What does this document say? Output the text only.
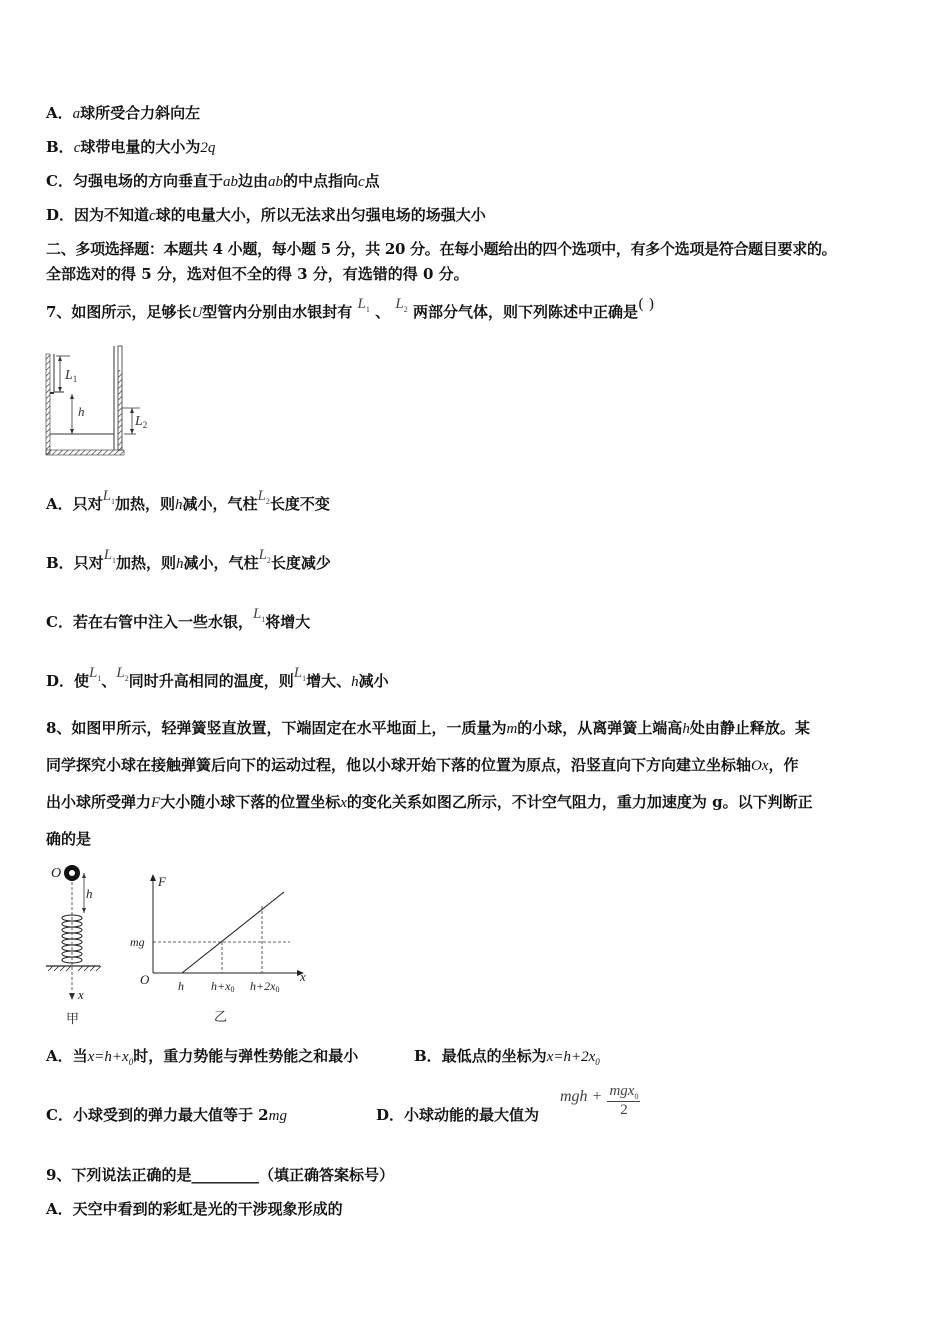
A．a球所受合力斜向左
B．c球带电量的大小为2q
C．匀强电场的方向垂直于ab边由ab的中点指向c点
D．因为不知道c球的电量大小，所以无法求出匀强电场的场强大小
二、多项选择题：本题共 4 小题，每小题 5 分，共 20 分。在每小题给出的四个选项中，有多个选项是符合题目要求的。
全部选对的得 5 分，选对但不全的得 3 分，有选错的得 0 分。
7、如图所示，足够长U型管内分别由水银封有 $L_1$ 、 $L_2$ 两部分气体，则下列陈述中正确是( )
$L_1$
h
$L_2$
A．只对$L_1$加热，则h减小，气柱$L_2$长度不变
B．只对$L_1$加热，则h减小，气柱$L_2$长度减少
C．若在右管中注入一些水银，$L_1$将增大
D．使$L_1$、$L_2$同时升高相同的温度，则$L_1$增大、h减小
8、如图甲所示，轻弹簧竖直放置，下端固定在水平地面上，一质量为m的小球，从离弹簧上端高h处由静止释放。某
同学探究小球在接触弹簧后向下的运动过程，他以小球开始下落的位置为原点，沿竖直向下方向建立坐标轴Ox，作
出小球所受弹力F大小随小球下落的位置坐标x的变化关系如图乙所示，不计空气阻力，重力加速度为 g。以下判断正
确的是
O
h
x
甲
F
x
O
mg
h h+x0 h+2x0
乙
A．当$x=h+x_0$时，重力势能与弹性势能之和最小	B．最低点的坐标为$x=h+2x_0$
C．小球受到的弹力最大值等于 2mg	D．小球动能的最大值为
mgh + $\frac{mgx_0}{2}$
9、下列说法正确的是_________（填正确答案标号）
A．天空中看到的彩虹是光的干涉现象形成的
